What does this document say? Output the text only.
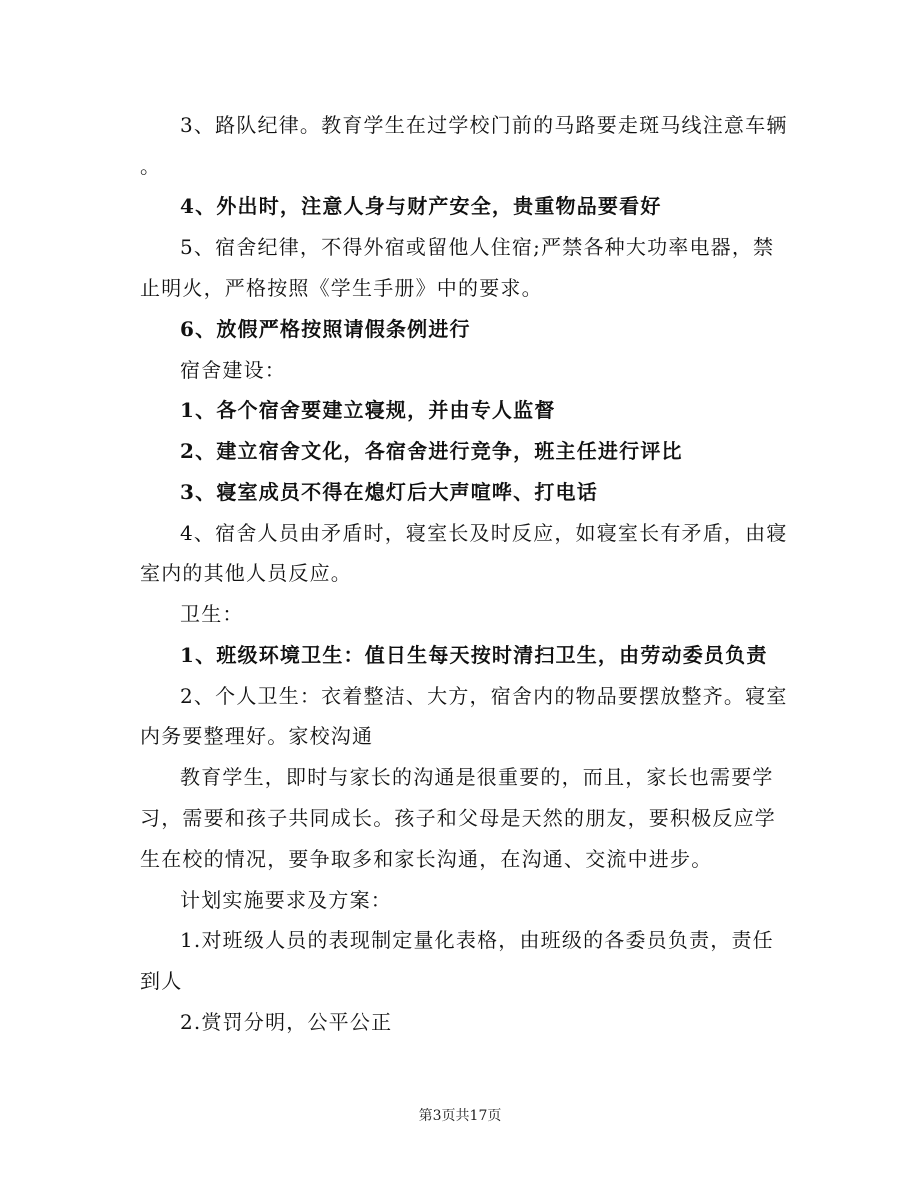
3、路队纪律。教育学生在过学校门前的马路要走斑马线注意车辆
。
4、外出时，注意人身与财产安全，贵重物品要看好
5、宿舍纪律，不得外宿或留他人住宿;严禁各种大功率电器，禁
止明火，严格按照《学生手册》中的要求。
6、放假严格按照请假条例进行
宿舍建设：
1、各个宿舍要建立寝规，并由专人监督
2、建立宿舍文化，各宿舍进行竞争，班主任进行评比
3、寝室成员不得在熄灯后大声喧哗、打电话
4、宿舍人员由矛盾时，寝室长及时反应，如寝室长有矛盾，由寝
室内的其他人员反应。
卫生：
1、班级环境卫生：值日生每天按时清扫卫生，由劳动委员负责
2、个人卫生：衣着整洁、大方，宿舍内的物品要摆放整齐。寝室
内务要整理好。家校沟通
教育学生，即时与家长的沟通是很重要的，而且，家长也需要学
习，需要和孩子共同成长。孩子和父母是天然的朋友，要积极反应学
生在校的情况，要争取多和家长沟通，在沟通、交流中进步。
计划实施要求及方案：
1.对班级人员的表现制定量化表格，由班级的各委员负责，责任
到人
2.赏罚分明，公平公正
第3页共17页
